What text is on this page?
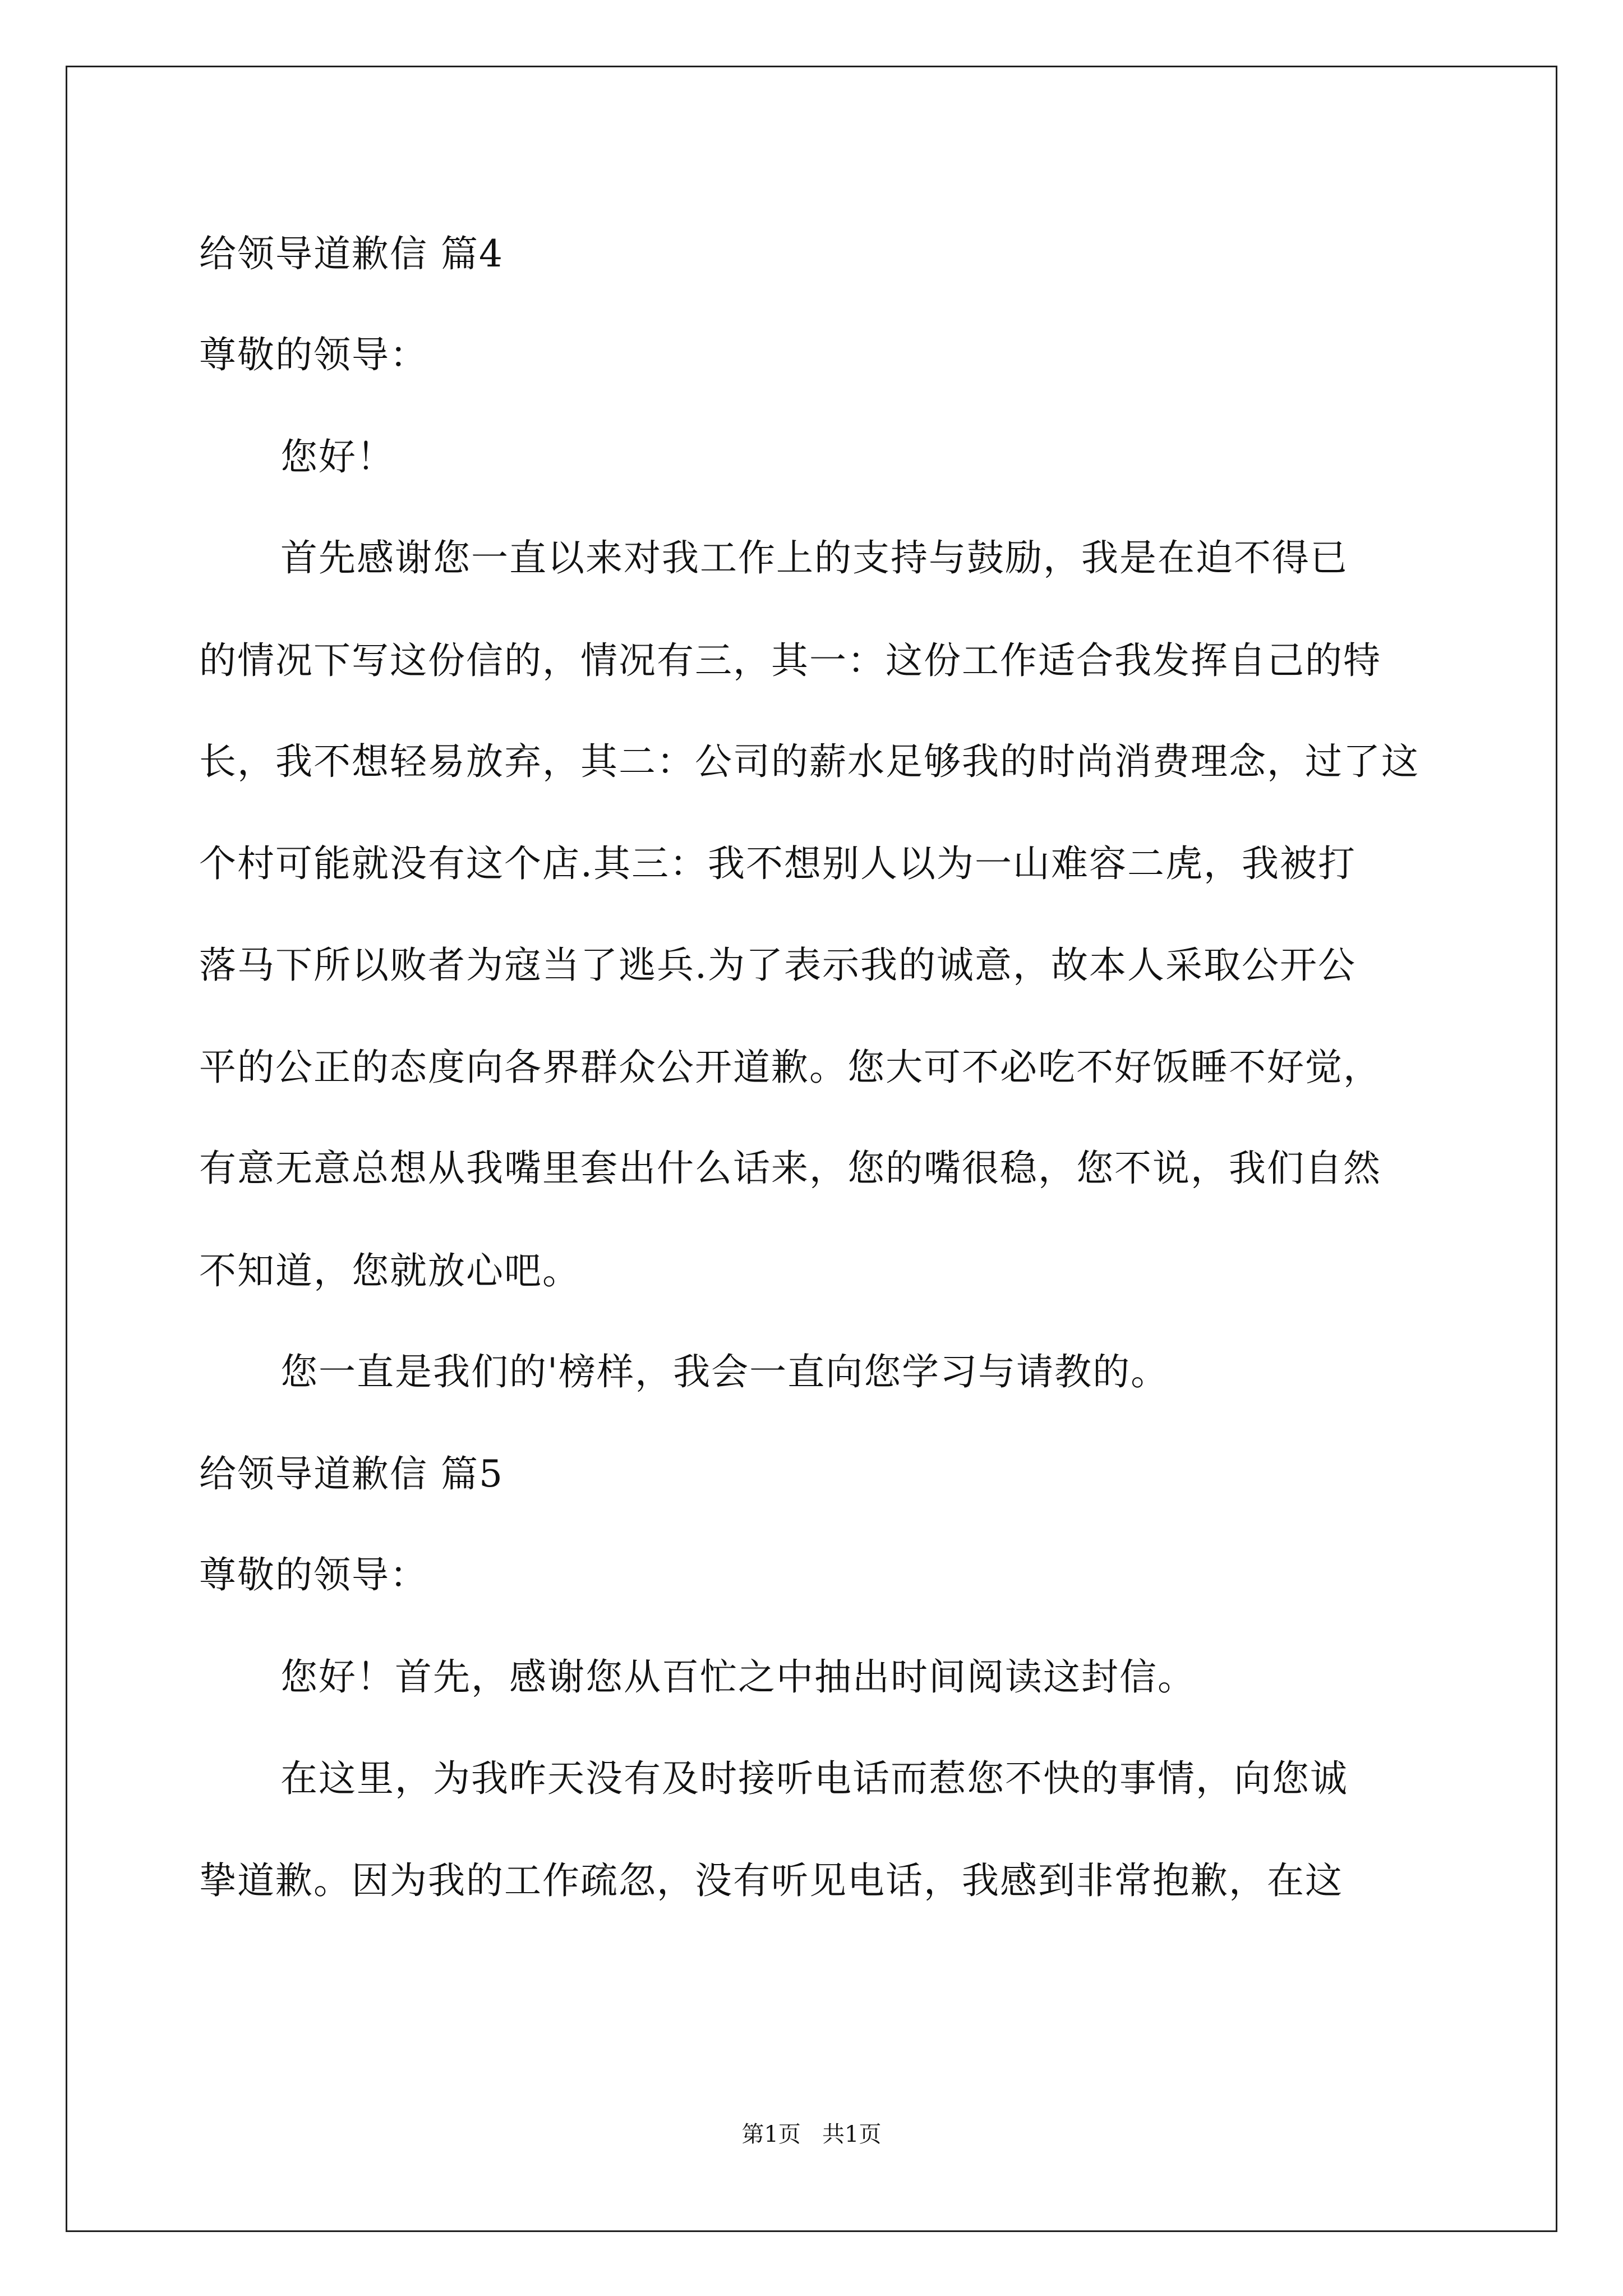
给领导道歉信 篇4
尊敬的领导：
您好！
首先感谢您一直以来对我工作上的支持与鼓励，我是在迫不得已
的情况下写这份信的，情况有三，其一：这份工作适合我发挥自己的特
长，我不想轻易放弃，其二：公司的薪水足够我的时尚消费理念，过了这
个村可能就没有这个店.其三：我不想别人以为一山难容二虎，我被打
落马下所以败者为寇当了逃兵.为了表示我的诚意，故本人采取公开公
平的公正的态度向各界群众公开道歉。您大可不必吃不好饭睡不好觉，
有意无意总想从我嘴里套出什么话来，您的嘴很稳，您不说，我们自然
不知道，您就放心吧。
您一直是我们的'榜样，我会一直向您学习与请教的。
给领导道歉信 篇5
尊敬的领导：
您好！首先，感谢您从百忙之中抽出时间阅读这封信。
在这里，为我昨天没有及时接听电话而惹您不快的事情，向您诚
挚道歉。因为我的工作疏忽，没有听见电话，我感到非常抱歉，在这
第1页   共1页
